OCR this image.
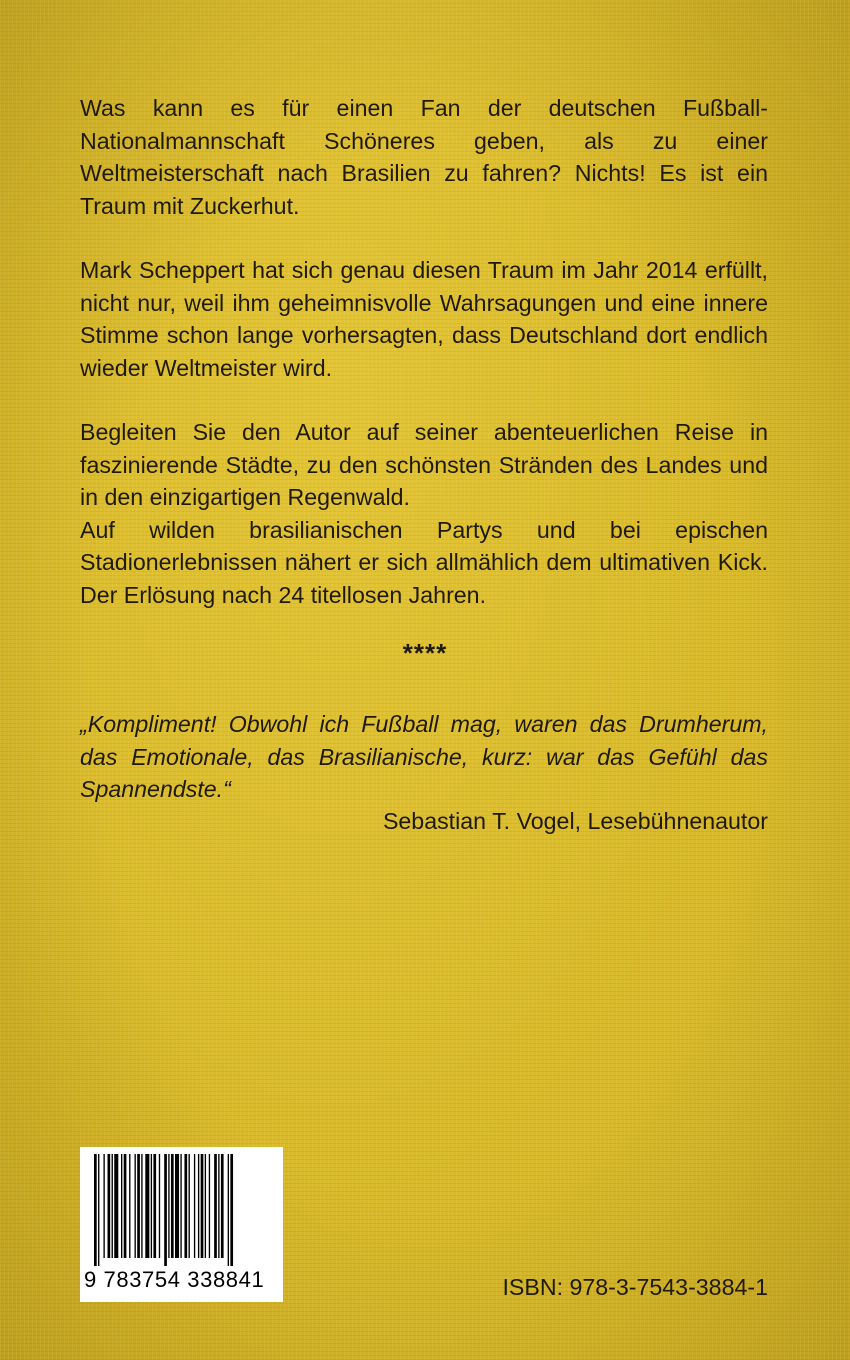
Was kann es für einen Fan der deutschen Fußball-Nationalmannschaft Schöneres geben, als zu einer Weltmeisterschaft nach Brasilien zu fahren? Nichts! Es ist ein Traum mit Zuckerhut.

Mark Scheppert hat sich genau diesen Traum im Jahr 2014 erfüllt, nicht nur, weil ihm geheimnisvolle Wahrsagungen und eine innere Stimme schon lange vorhersagten, dass Deutschland dort endlich wieder Weltmeister wird.

Begleiten Sie den Autor auf seiner abenteuerlichen Reise in faszinierende Städte, zu den schönsten Stränden des Landes und in den einzigartigen Regenwald.

Auf wilden brasilianischen Partys und bei epischen Stadionerlebnissen nähert er sich allmählich dem ultimativen Kick. Der Erlösung nach 24 titellosen Jahren.

****
„Kompliment! Obwohl ich Fußball mag, waren das Drumherum, das Emotionale, das Brasilianische, kurz: war das Gefühl das Spannendste.“
Sebastian T. Vogel, Lesebühnenautor
9 783754 338841	ISBN: 978-3-7543-3884-1
